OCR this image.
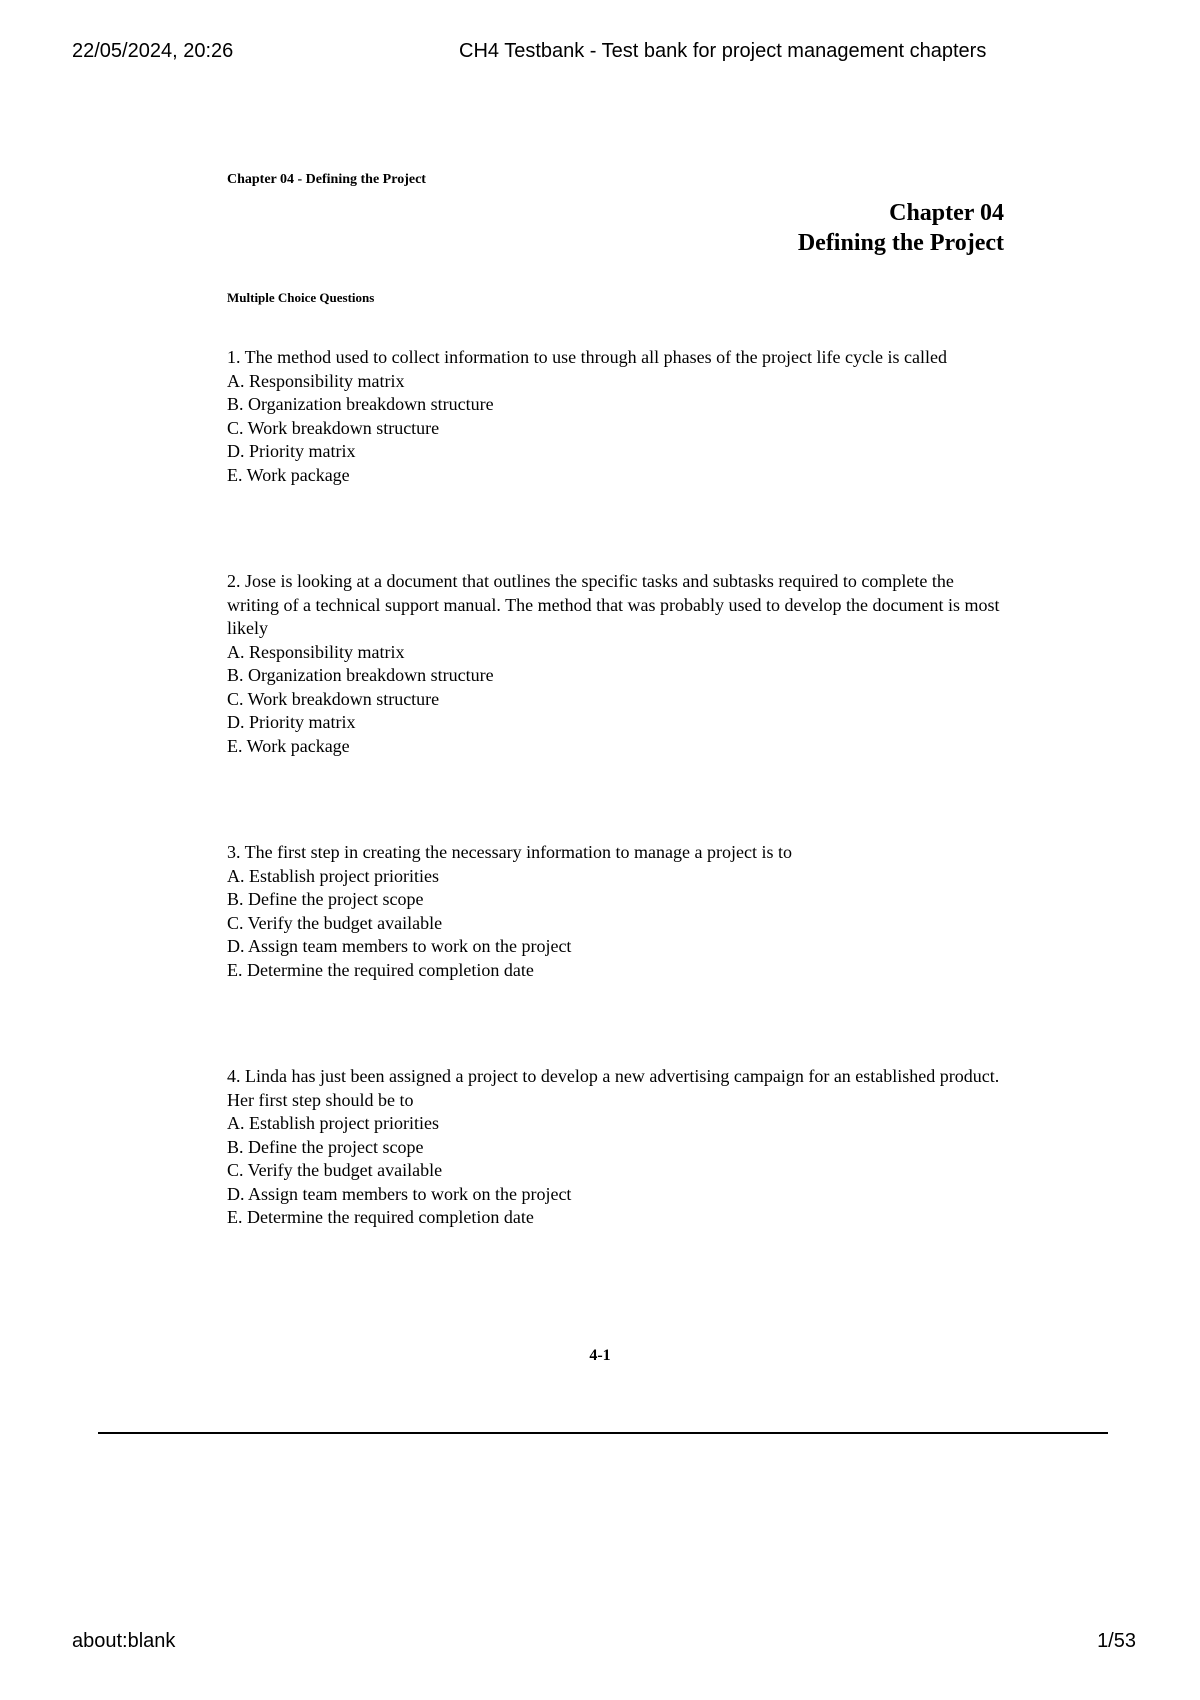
22/05/2024, 20:26	CH4 Testbank - Test bank for project management chapters

Chapter 04 - Defining the Project

Chapter 04
Defining the Project
Multiple Choice Questions

1. The method used to collect information to use through all phases of the project life cycle is called

A. Responsibility matrix

B. Organization breakdown structure

C. Work breakdown structure

D. Priority matrix

E. Work package

2. Jose is looking at a document that outlines the specific tasks and subtasks required to complete the writing of a technical support manual. The method that was probably used to develop the document is most likely

A. Responsibility matrix

B. Organization breakdown structure

C. Work breakdown structure

D. Priority matrix

E. Work package

3. The first step in creating the necessary information to manage a project is to

A. Establish project priorities

B. Define the project scope

C. Verify the budget available

D. Assign team members to work on the project

E. Determine the required completion date

4. Linda has just been assigned a project to develop a new advertising campaign for an established product. Her first step should be to

A. Establish project priorities

B. Define the project scope

C. Verify the budget available

D. Assign team members to work on the project

E. Determine the required completion date

4-1
about:blank	1/53
